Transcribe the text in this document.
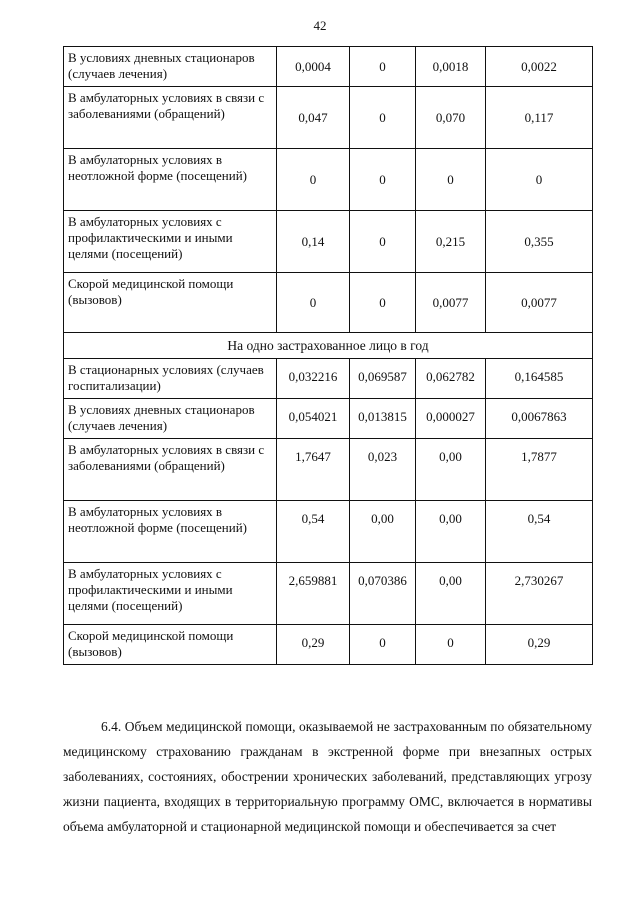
42
В условиях дневных стационаров (случаев лечения)	0,0004	0	0,0018	0,0022
В амбулаторных условиях в связи с заболеваниями (обращений)	0,047	0	0,070	0,117
В амбулаторных условиях в неотложной форме (посещений)	0	0	0	0
В амбулаторных условиях с профилактическими и иными целями (посещений)	0,14	0	0,215	0,355
Скорой медицинской помощи (вызовов)	0	0	0,0077	0,0077
На одно застрахованное лицо в год				
В стационарных условиях (случаев госпитализации)	0,032216	0,069587	0,062782	0,164585
В условиях дневных стационаров (случаев лечения)	0,054021	0,013815	0,000027	0,0067863
В амбулаторных условиях в связи с заболеваниями (обращений)	1,7647	0,023	0,00	1,7877
В амбулаторных условиях в неотложной форме (посещений)	0,54	0,00	0,00	0,54
В амбулаторных условиях с профилактическими и иными целями (посещений)	2,659881	0,070386	0,00	2,730267
Скорой медицинской помощи (вызовов)	0,29	0	0	0,29

6.4. Объем медицинской помощи, оказываемой не застрахованным по обязательному медицинскому страхованию гражданам в экстренной форме при внезапных острых заболеваниях, состояниях, обострении хронических заболеваний, представляющих угрозу жизни пациента, входящих в территориальную программу ОМС, включается в нормативы объема амбулаторной и стационарной медицинской помощи и обеспечивается за счет
